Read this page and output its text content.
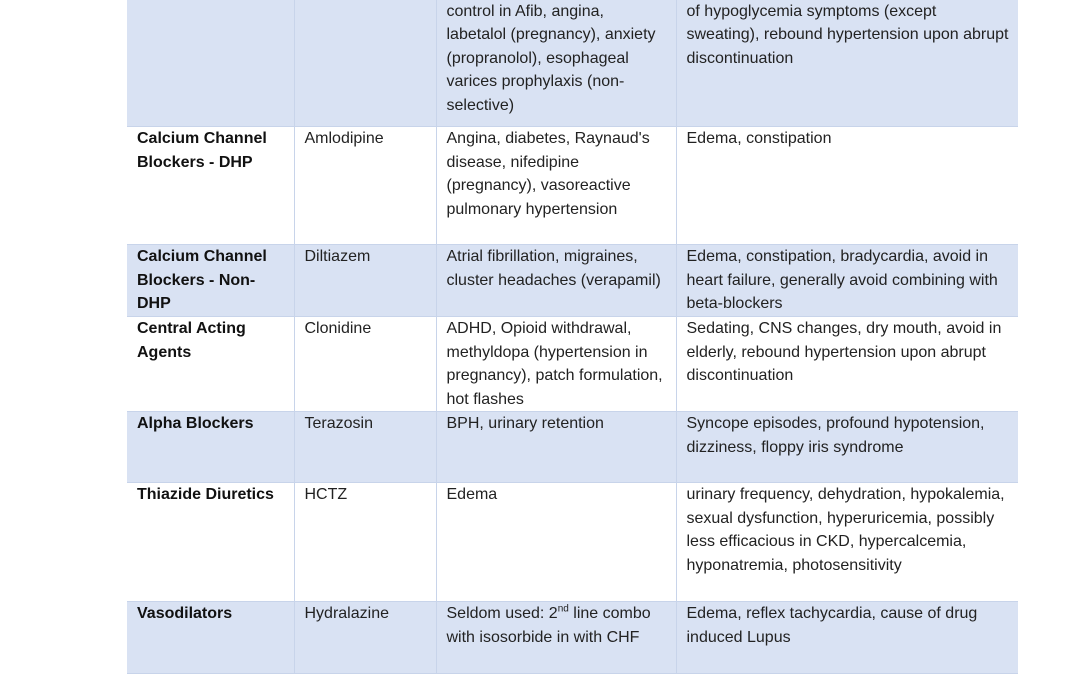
		control in Afib, angina, labetalol (pregnancy), anxiety (propranolol), esophageal varices prophylaxis (non-selective)	of hypoglycemia symptoms (except sweating), rebound hypertension upon abrupt discontinuation
Calcium Channel Blockers - DHP	Amlodipine	Angina, diabetes, Raynaud's disease, nifedipine (pregnancy), vasoreactive pulmonary hypertension	Edema, constipation
Calcium Channel Blockers - Non-DHP	Diltiazem	Atrial fibrillation, migraines, cluster headaches (verapamil)	Edema, constipation, bradycardia, avoid in heart failure, generally avoid combining with beta-blockers
Central Acting Agents	Clonidine	ADHD, Opioid withdrawal, methyldopa (hypertension in pregnancy), patch formulation, hot flashes	Sedating, CNS changes, dry mouth, avoid in elderly, rebound hypertension upon abrupt discontinuation
Alpha Blockers	Terazosin	BPH, urinary retention	Syncope episodes, profound hypotension, dizziness, floppy iris syndrome
Thiazide Diuretics	HCTZ	Edema	urinary frequency, dehydration, hypokalemia, sexual dysfunction, hyperuricemia, possibly less efficacious in CKD, hypercalcemia, hyponatremia, photosensitivity
Vasodilators	Hydralazine	Seldom used: 2nd line combo with isosorbide in with CHF	Edema, reflex tachycardia, cause of drug induced Lupus
